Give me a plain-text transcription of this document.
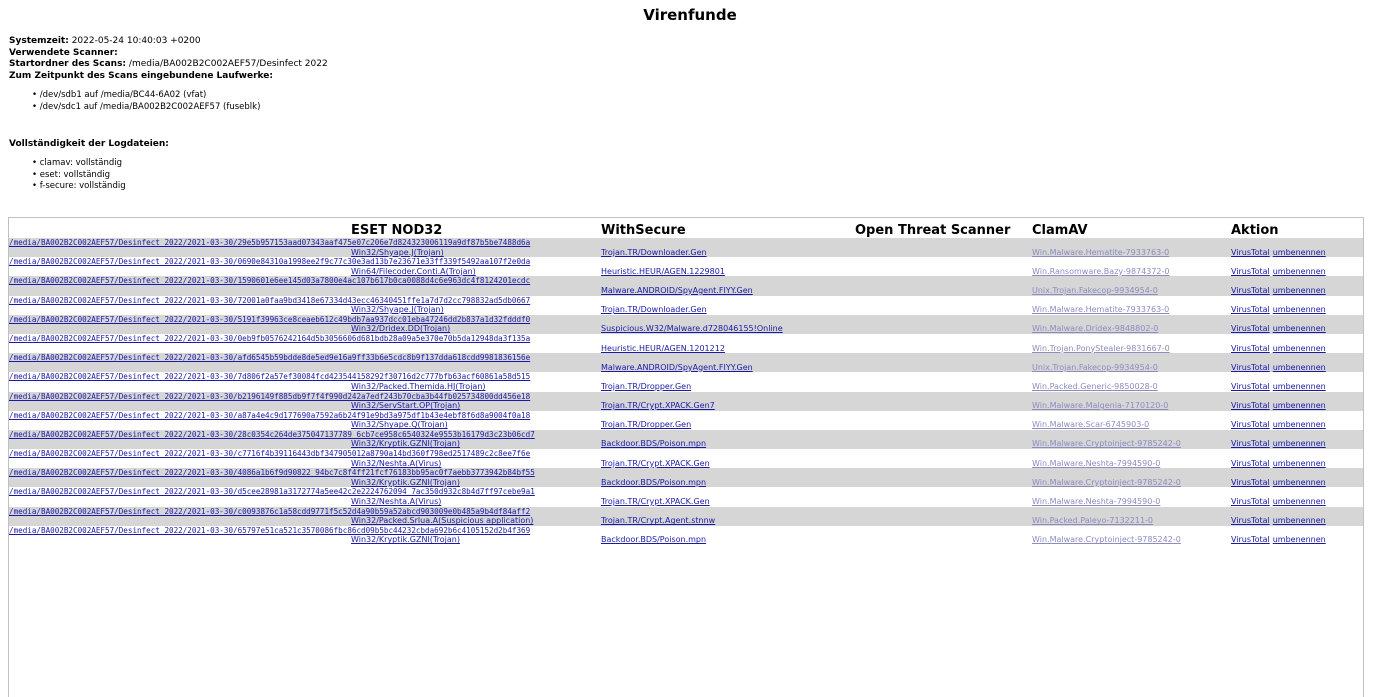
Virenfunde
Systemzeit: 2022-05-24 10:40:03 +0200
Verwendete Scanner:
Startordner des Scans: /media/BA002B2C002AEF57/Desinfect 2022
Zum Zeitpunkt des Scans eingebundene Laufwerke:
• /dev/sdb1 auf /media/BC44-6A02 (vfat)
• /dev/sdc1 auf /media/BA002B2C002AEF57 (fuseblk)
Vollständigkeit der Logdateien:
• clamav: vollständig
• eset: vollständig
• f-secure: vollständig
	ESET NOD32	WithSecure	Open Threat Scanner	ClamAV	Aktion
/media/BA002B2C002AEF57/Desinfect 2022/2021-03-30/29e5b957153aad07343aaf475e07c206e7d824323006119a9df87b5be7488d6a					
	Win32/Shyape.J(Trojan)	Trojan.TR/Downloader.Gen		Win.Malware.Hematite-7933763-0	VirusTotal umbenennen
/media/BA002B2C002AEF57/Desinfect 2022/2021-03-30/0690e84310a1998ee2f9c77c30e3ad13b7e23671e33ff339f5492aa107f2e0da					
	Win64/Filecoder.Conti.A(Trojan)	Heuristic.HEUR/AGEN.1229801		Win.Ransomware.Bazy-9874372-0	VirusTotal umbenennen
/media/BA002B2C002AEF57/Desinfect 2022/2021-03-30/1590601e6ee145d03a7800e4ac107b617b0ca0088d4c6e963dc4f8124201ecdc					
		Malware.ANDROID/SpyAgent.FIYY.Gen		Unix.Trojan.Fakecop-9934954-0	VirusTotal umbenennen
/media/BA002B2C002AEF57/Desinfect 2022/2021-03-30/72001a0faa9bd3418e67334d43ecc46340451ffe1a7d7d2cc798832ad5db0667					
	Win32/Shyape.J(Trojan)	Trojan.TR/Downloader.Gen		Win.Malware.Hematite-7933763-0	VirusTotal umbenennen
/media/BA002B2C002AEF57/Desinfect 2022/2021-03-30/5191f39963ce8ceaeb612c49bdb7aa937dcc01eba47246dd2b837a1d32fdddf0					
	Win32/Dridex.DD(Trojan)	Suspicious.W32/Malware.d728046155!Online		Win.Malware.Dridex-9848802-0	VirusTotal umbenennen
/media/BA002B2C002AEF57/Desinfect 2022/2021-03-30/0eb9fb0576242164d5b3056606d681bdb28a09a5e370e70b5da12948da3f135a					
		Heuristic.HEUR/AGEN.1201212		Win.Trojan.PonyStealer-9831667-0	VirusTotal umbenennen
/media/BA002B2C002AEF57/Desinfect 2022/2021-03-30/afd6545b59bdde8de5ed9e16a9ff33b6e5cdc8b9f137dda618cdd9981836156e					
		Malware.ANDROID/SpyAgent.FIYY.Gen		Unix.Trojan.Fakecop-9934954-0	VirusTotal umbenennen
/media/BA002B2C002AEF57/Desinfect 2022/2021-03-30/7d806f2a57ef30084fcd423544158292f30716d2c777bfb63acf60861a58d515					
	Win32/Packed.Themida.HJ(Trojan)	Trojan.TR/Dropper.Gen		Win.Packed.Generic-9850028-0	VirusTotal umbenennen
/media/BA002B2C002AEF57/Desinfect 2022/2021-03-30/b2196149f885db9f7f4f990d242a7edf243b70cba3b44fb025734800dd456e18					
	Win32/ServStart.OP(Trojan)	Trojan.TR/Crypt.XPACK.Gen7		Win.Malware.Malgenia-7170120-0	VirusTotal umbenennen
/media/BA002B2C002AEF57/Desinfect 2022/2021-03-30/a87a4e4c9d177690a7592a6b24f91e9bd3a975df1b43e4ebf8f6d8a9004f0a18					
	Win32/Shyape.Q(Trojan)	Trojan.TR/Dropper.Gen		Win.Malware.Scar-6745903-0	VirusTotal umbenennen
/media/BA002B2C002AEF57/Desinfect 2022/2021-03-30/28c0354c264de375047137789 6cb7ce958c6540324e9553b16179d3c23b06cd7					
	Win32/Kryptik.GZNI(Trojan)	Backdoor.BDS/Poison.mpn		Win.Malware.Cryptoinject-9785242-0	VirusTotal umbenennen
/media/BA002B2C002AEF57/Desinfect 2022/2021-03-30/c7716f4b39116443dbf347905012a8790a14bd360f798ed2517489c2c8ee7f6e					
	Win32/Neshta.A(Virus)	Trojan.TR/Crypt.XPACK.Gen		Win.Malware.Neshta-7994590-0	VirusTotal umbenennen
/media/BA002B2C002AEF57/Desinfect 2022/2021-03-30/4086a1b6f9d90822 94bc7c8f4ff21fcf76183bb95ac0f7aebb3773942b84bf55					
	Win32/Kryptik.GZNI(Trojan)	Backdoor.BDS/Poison.mpn		Win.Malware.Cryptoinject-9785242-0	VirusTotal umbenennen
/media/BA002B2C002AEF57/Desinfect 2022/2021-03-30/d5cee28981a3172774a5ee42c2e2224762094 7ac350d932c8b4d7ff97cebe9a1					
	Win32/Neshta.A(Virus)	Trojan.TR/Crypt.XPACK.Gen		Win.Malware.Neshta-7994590-0	VirusTotal umbenennen
/media/BA002B2C002AEF57/Desinfect 2022/2021-03-30/c0093876c1a58cdd9771f5c52d4a90b59a52abcd903009e0b485a9b4df84aff2					
	Win32/Packed.Srlua.A(Suspicious application)	Trojan.TR/Crypt.Agent.stnnw		Win.Packed.Paleyo-7132211-0	VirusTotal umbenennen
/media/BA002B2C002AEF57/Desinfect 2022/2021-03-30/65797e51ca521c3570086fbc86cd09b5bc44232cbda692b6c4105152d2b4f369					
	Win32/Kryptik.GZNI(Trojan)	Backdoor.BDS/Poison.mpn		Win.Malware.Cryptoinject-9785242-0	VirusTotal umbenennen
